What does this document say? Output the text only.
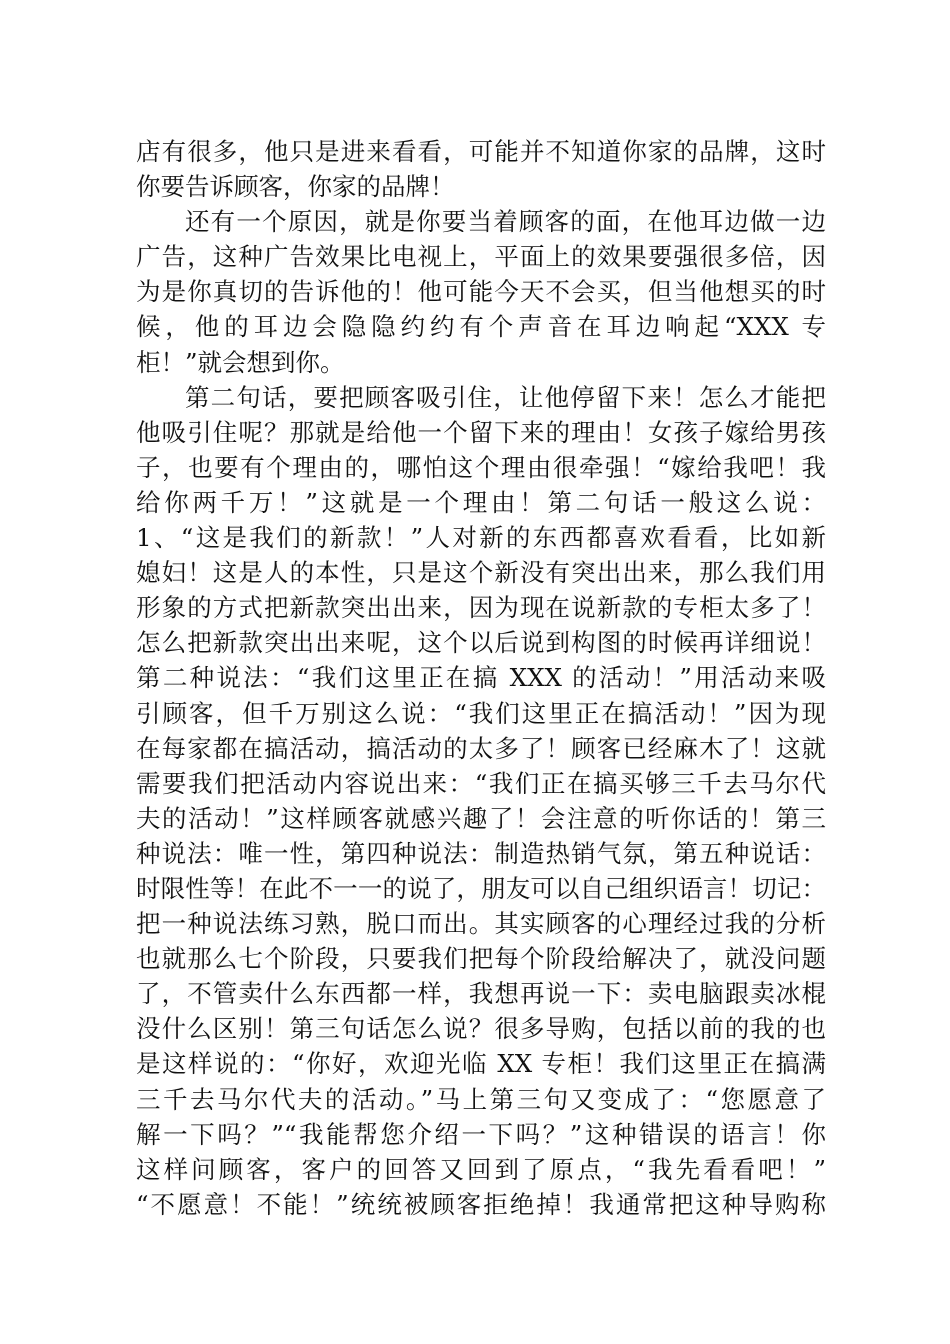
店有很多，他只是进来看看，可能并不知道你家的品牌，这时
你要告诉顾客，你家的品牌！
还有一个原因，就是你要当着顾客的面，在他耳边做一边
广告，这种广告效果比电视上，平面上的效果要强很多倍，因
为是你真切的告诉他的！他可能今天不会买，但当他想买的时
候，他的耳边会隐隐约约有个声音在耳边响起“XXX 专
柜！”就会想到你。
第二句话，要把顾客吸引住，让他停留下来！怎么才能把
他吸引住呢？那就是给他一个留下来的理由！女孩子嫁给男孩
子，也要有个理由的，哪怕这个理由很牵强！“嫁给我吧！我
给你两千万！”这就是一个理由！第二句话一般这么说：
1、“这是我们的新款！”人对新的东西都喜欢看看，比如新
媳妇！这是人的本性，只是这个新没有突出出来，那么我们用
形象的方式把新款突出出来，因为现在说新款的专柜太多了！
怎么把新款突出出来呢，这个以后说到构图的时候再详细说！
第二种说法：“我们这里正在搞 XXX 的活动！”用活动来吸
引顾客，但千万别这么说：“我们这里正在搞活动！”因为现
在每家都在搞活动，搞活动的太多了！顾客已经麻木了！这就
需要我们把活动内容说出来：“我们正在搞买够三千去马尔代
夫的活动！”这样顾客就感兴趣了！会注意的听你话的！第三
种说法：唯一性，第四种说法：制造热销气氛，第五种说话：
时限性等！在此不一一的说了，朋友可以自己组织语言！切记：
把一种说法练习熟，脱口而出。其实顾客的心理经过我的分析
也就那么七个阶段，只要我们把每个阶段给解决了，就没问题
了，不管卖什么东西都一样，我想再说一下：卖电脑跟卖冰棍
没什么区别！第三句话怎么说？很多导购，包括以前的我的也
是这样说的：“你好，欢迎光临 XX 专柜！我们这里正在搞满
三千去马尔代夫的活动。”马上第三句又变成了：“您愿意了
解一下吗？”“我能帮您介绍一下吗？”这种错误的语言！你
这样问顾客，客户的回答又回到了原点，“我先看看吧！”
“不愿意！不能！”统统被顾客拒绝掉！我通常把这种导购称
